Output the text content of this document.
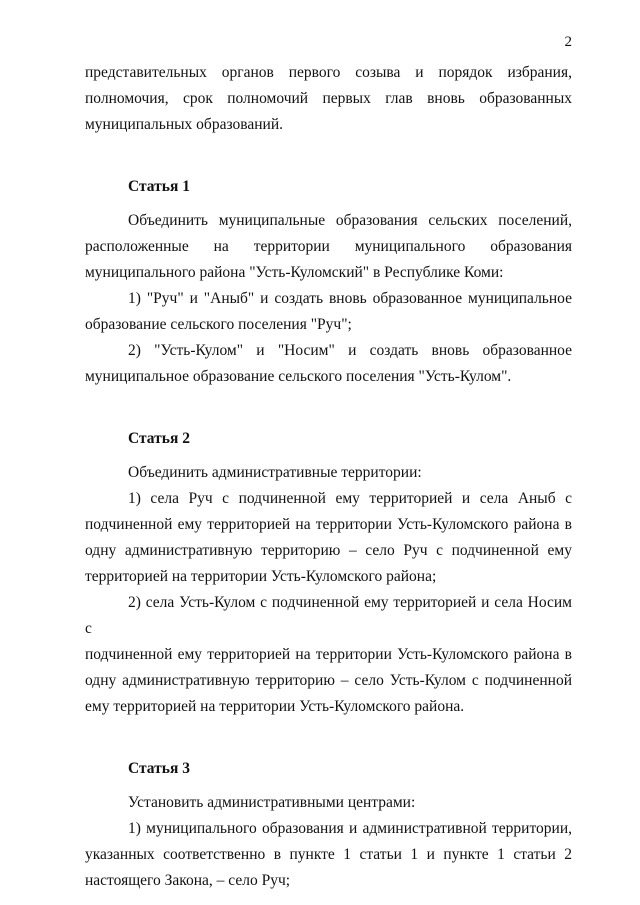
2

представительных органов первого созыва и порядок избрания,

полномочия, срок полномочий первых глав вновь образованных

муниципальных образований.

Статья 1

Объединить муниципальные образования сельских поселений,

расположенные на территории муниципального образования

муниципального района "Усть-Куломский" в Республике Коми:

1) "Руч" и "Аныб" и создать вновь образованное муниципальное

образование сельского поселения "Руч";

2) "Усть-Кулом" и "Носим" и создать вновь образованное

муниципальное образование сельского поселения "Усть-Кулом".

Статья 2

Объединить административные территории:

1) села Руч с подчиненной ему территорией и села Аныб с

подчиненной ему территорией на территории Усть-Куломского района в

одну административную территорию – село Руч с подчиненной ему

территорией на территории Усть-Куломского района;

2) села Усть-Кулом с подчиненной ему территорией и села Носим с

подчиненной ему территорией на территории Усть-Куломского района в

одну административную территорию – село Усть-Кулом с подчиненной

ему территорией на территории Усть-Куломского района.

Статья 3

Установить административными центрами:

1) муниципального образования и административной территории,

указанных соответственно в пункте 1 статьи 1 и пункте 1 статьи 2

настоящего Закона, – село Руч;
